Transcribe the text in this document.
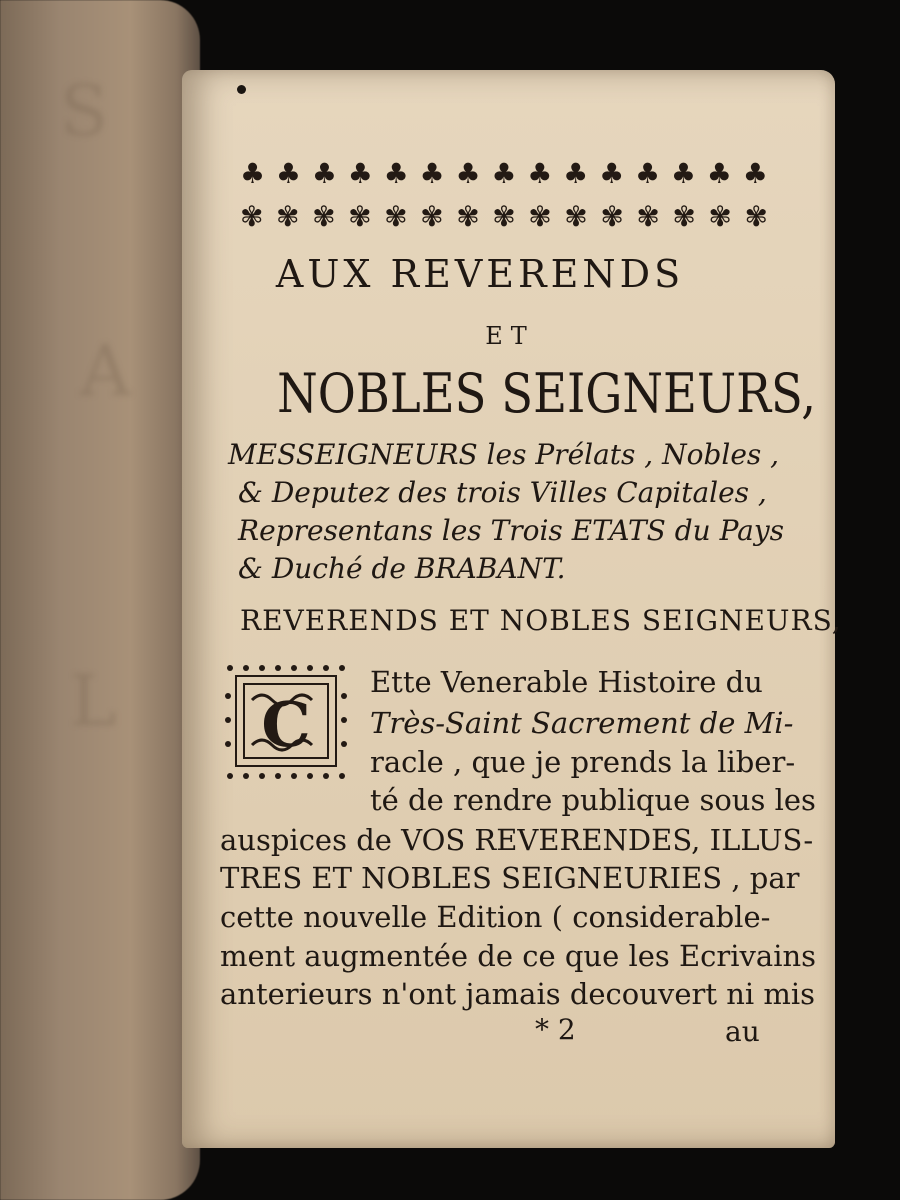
S
A
L
♣ ♣ ♣ ♣ ♣ ♣ ♣ ♣ ♣ ♣ ♣ ♣ ♣ ♣ ♣
✾ ✾ ✾ ✾ ✾ ✾ ✾ ✾ ✾ ✾ ✾ ✾ ✾ ✾ ✾
AUX REVERENDS
ET
NOBLES SEIGNEURS,
MESSEIGNEURS les Prélats , Nobles ,
& Deputez des trois Villes Capitales ,
Representans les Trois ETATS du Pays
& Duché de BRABANT.
REVERENDS ET NOBLES SEIGNEURS,
C
Ette Venerable Histoire du
Très-Saint Sacrement de Mi-
racle , que je prends la liber-
té de rendre publique sous les
auspices de VOS REVERENDES, ILLUS-
TRES ET NOBLES SEIGNEURIES , par
cette nouvelle Edition ( considerable-
ment augmentée de ce que les Ecrivains
anterieurs n'ont jamais decouvert ni mis
* 2	au
